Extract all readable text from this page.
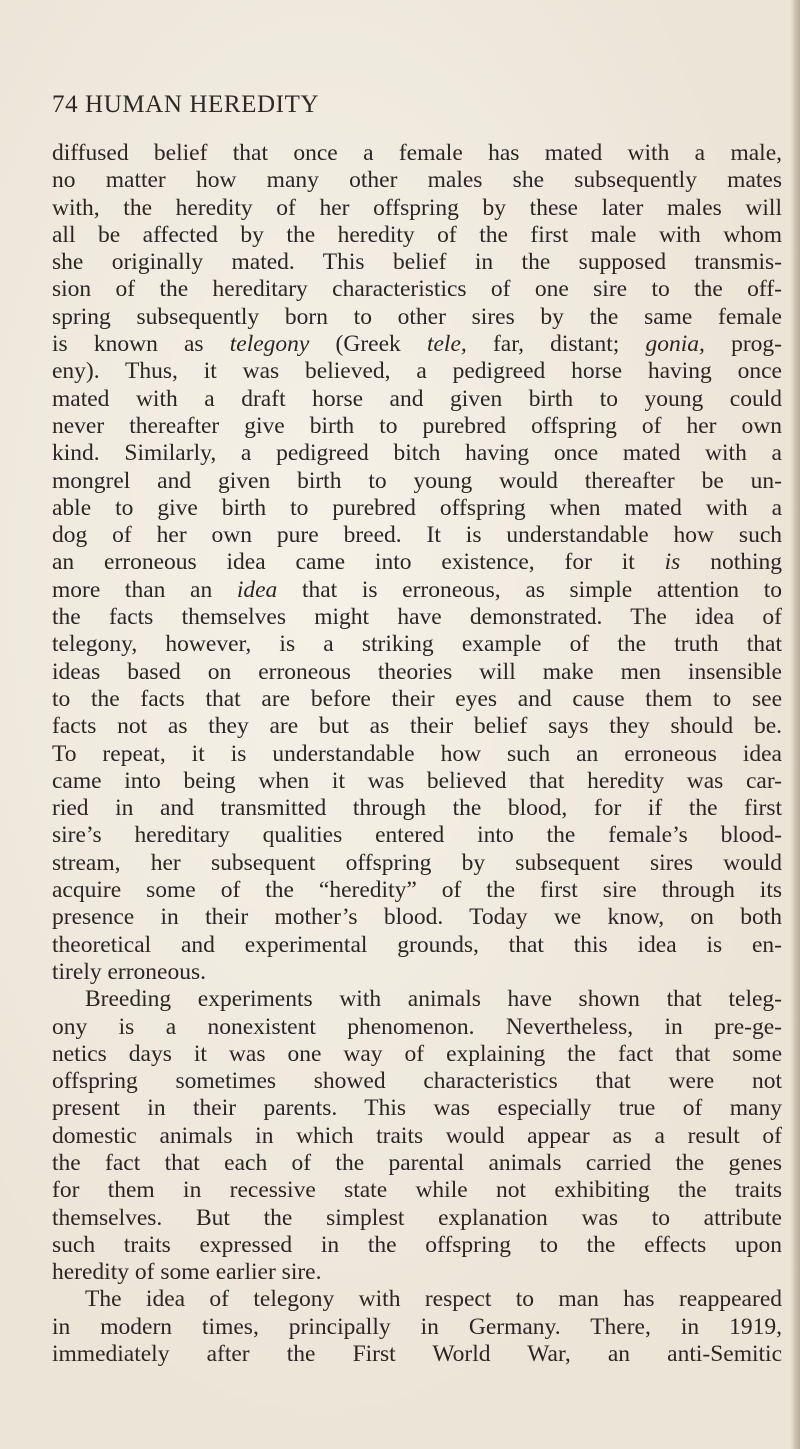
74 HUMAN HEREDITY
diffused belief that once a female has mated with a male,
no matter how many other males she subsequently mates
with, the heredity of her offspring by these later males will
all be affected by the heredity of the first male with whom
she originally mated. This belief in the supposed transmis-
sion of the hereditary characteristics of one sire to the off-
spring subsequently born to other sires by the same female
is known as telegony (Greek tele, far, distant; gonia, prog-
eny). Thus, it was believed, a pedigreed horse having once
mated with a draft horse and given birth to young could
never thereafter give birth to purebred offspring of her own
kind. Similarly, a pedigreed bitch having once mated with a
mongrel and given birth to young would thereafter be un-
able to give birth to purebred offspring when mated with a
dog of her own pure breed. It is understandable how such
an erroneous idea came into existence, for it is nothing
more than an idea that is erroneous, as simple attention to
the facts themselves might have demonstrated. The idea of
telegony, however, is a striking example of the truth that
ideas based on erroneous theories will make men insensible
to the facts that are before their eyes and cause them to see
facts not as they are but as their belief says they should be.
To repeat, it is understandable how such an erroneous idea
came into being when it was believed that heredity was car-
ried in and transmitted through the blood, for if the first
sire’s hereditary qualities entered into the female’s blood-
stream, her subsequent offspring by subsequent sires would
acquire some of the “heredity” of the first sire through its
presence in their mother’s blood. Today we know, on both
theoretical and experimental grounds, that this idea is en-
tirely erroneous.
Breeding experiments with animals have shown that teleg-
ony is a nonexistent phenomenon. Nevertheless, in pre-ge-
netics days it was one way of explaining the fact that some
offspring sometimes showed characteristics that were not
present in their parents. This was especially true of many
domestic animals in which traits would appear as a result of
the fact that each of the parental animals carried the genes
for them in recessive state while not exhibiting the traits
themselves. But the simplest explanation was to attribute
such traits expressed in the offspring to the effects upon
heredity of some earlier sire.
The idea of telegony with respect to man has reappeared
in modern times, principally in Germany. There, in 1919,
immediately after the First World War, an anti-Semitic
